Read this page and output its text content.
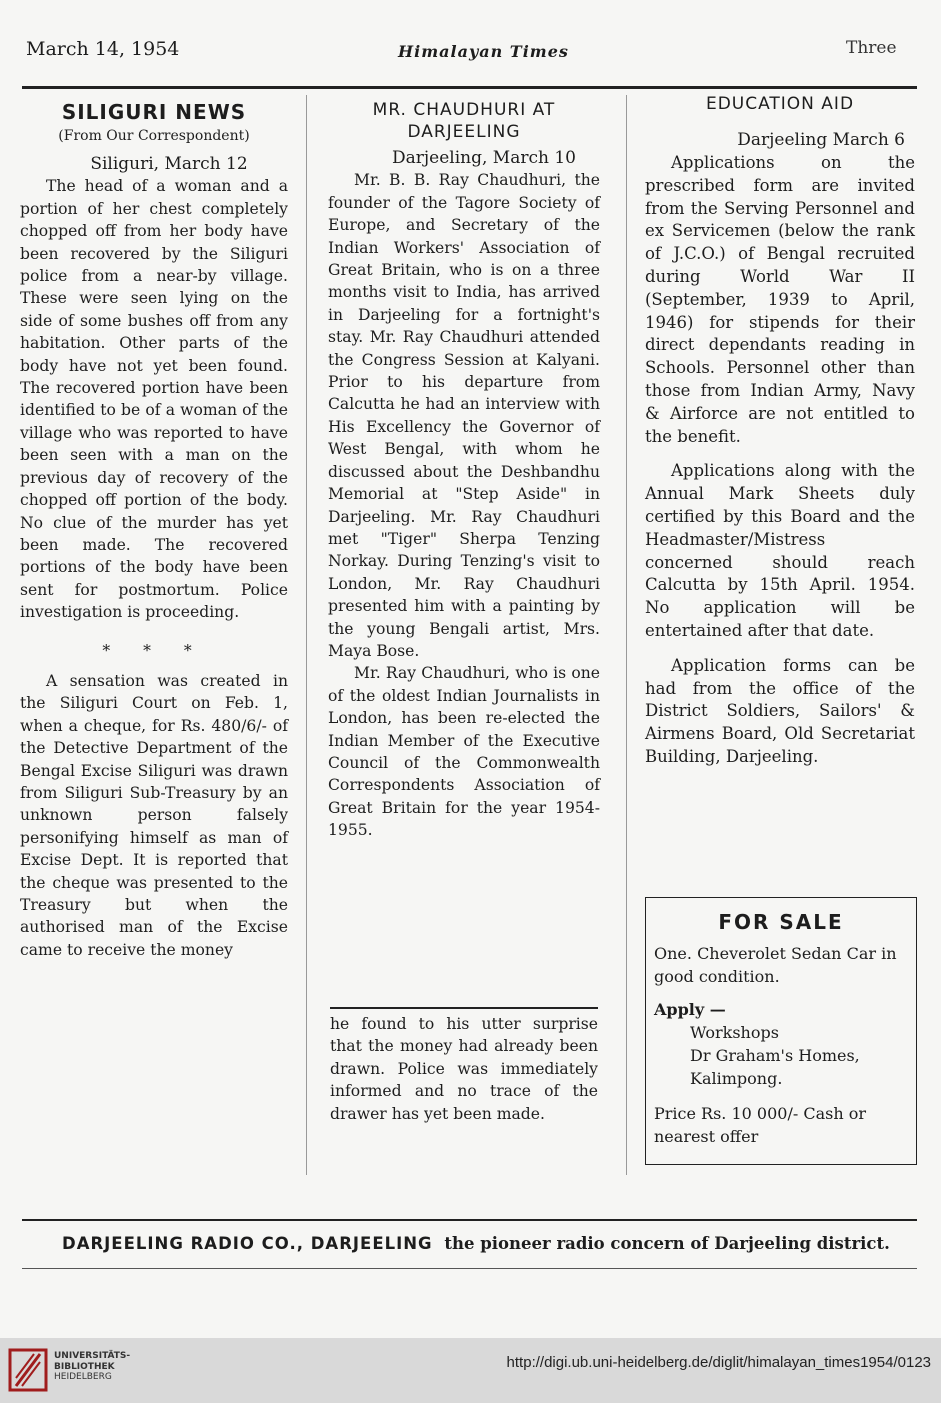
March 14, 1954	Himalayan Times	Three
SILIGURI NEWS
(From Our Correspondent)
Siliguri, March 12

The head of a woman and a portion of her chest completely chopped off from her body have been recovered by the Siliguri police from a near-by village. These were seen lying on the side of some bushes off from any habitation. Other parts of the body have not yet been found. The recovered portion have been identified to be of a woman of the village who was reported to have been seen with a man on the previous day of recovery of the chopped off portion of the body. No clue of the murder has yet been made. The recovered portions of the body have been sent for postmortum. Police investigation is proceeding.

* * *

A sensation was created in the Siliguri Court on Feb. 1, when a cheque, for Rs. 480/6/- of the Detective Department of the Bengal Excise Siliguri was drawn from Siliguri Sub-Treasury by an unknown person falsely personifying himself as man of Excise Dept. It is reported that the cheque was presented to the Treasury but when the authorised man of the Excise came to receive the money

MR. CHAUDHURI AT DARJEELING
Darjeeling, March 10

Mr. B. B. Ray Chaudhuri, the founder of the Tagore Society of Europe, and Secretary of the Indian Workers' Association of Great Britain, who is on a three months visit to India, has arrived in Darjeeling for a fortnight's stay. Mr. Ray Chaudhuri attended the Congress Session at Kalyani. Prior to his departure from Calcutta he had an interview with His Excellency the Governor of West Bengal, with whom he discussed about the Deshbandhu Memorial at "Step Aside" in Darjeeling. Mr. Ray Chaudhuri met "Tiger" Sherpa Tenzing Norkay. During Tenzing's visit to London, Mr. Ray Chaudhuri presented him with a painting by the young Bengali artist, Mrs. Maya Bose.

Mr. Ray Chaudhuri, who is one of the oldest Indian Journalists in London, has been re-elected the Indian Member of the Executive Council of the Commonwealth Correspondents Association of Great Britain for the year 1954-1955.

he found to his utter surprise that the money had already been drawn. Police was immediately informed and no trace of the drawer has yet been made.

EDUCATION AID
Darjeeling March 6

Applications on the prescribed form are invited from the Serving Personnel and ex Servicemen (below the rank of J.C.O.) of Bengal recruited during World War II (September, 1939 to April, 1946) for stipends for their direct dependants reading in Schools. Personnel other than those from Indian Army, Navy & Airforce are not entitled to the benefit.

Applications along with the Annual Mark Sheets duly certified by this Board and the Headmaster/Mistress concerned should reach Calcutta by 15th April. 1954. No application will be entertained after that date.

Application forms can be had from the office of the District Soldiers, Sailors' & Airmens Board, Old Secretariat Building, Darjeeling.

FOR SALE

One. Cheverolet Sedan Car in good condition.

Apply —

Workshops

Dr Graham's Homes,

Kalimpong.

Price Rs. 10 000/- Cash or nearest offer

DARJEELING RADIO CO., DARJEELING the pioneer radio concern of Darjeeling district.
UNIVERSITÄTS-
BIBLIOTHEK
HEIDELBERG
http://digi.ub.uni-heidelberg.de/diglit/himalayan_times1954/0123
